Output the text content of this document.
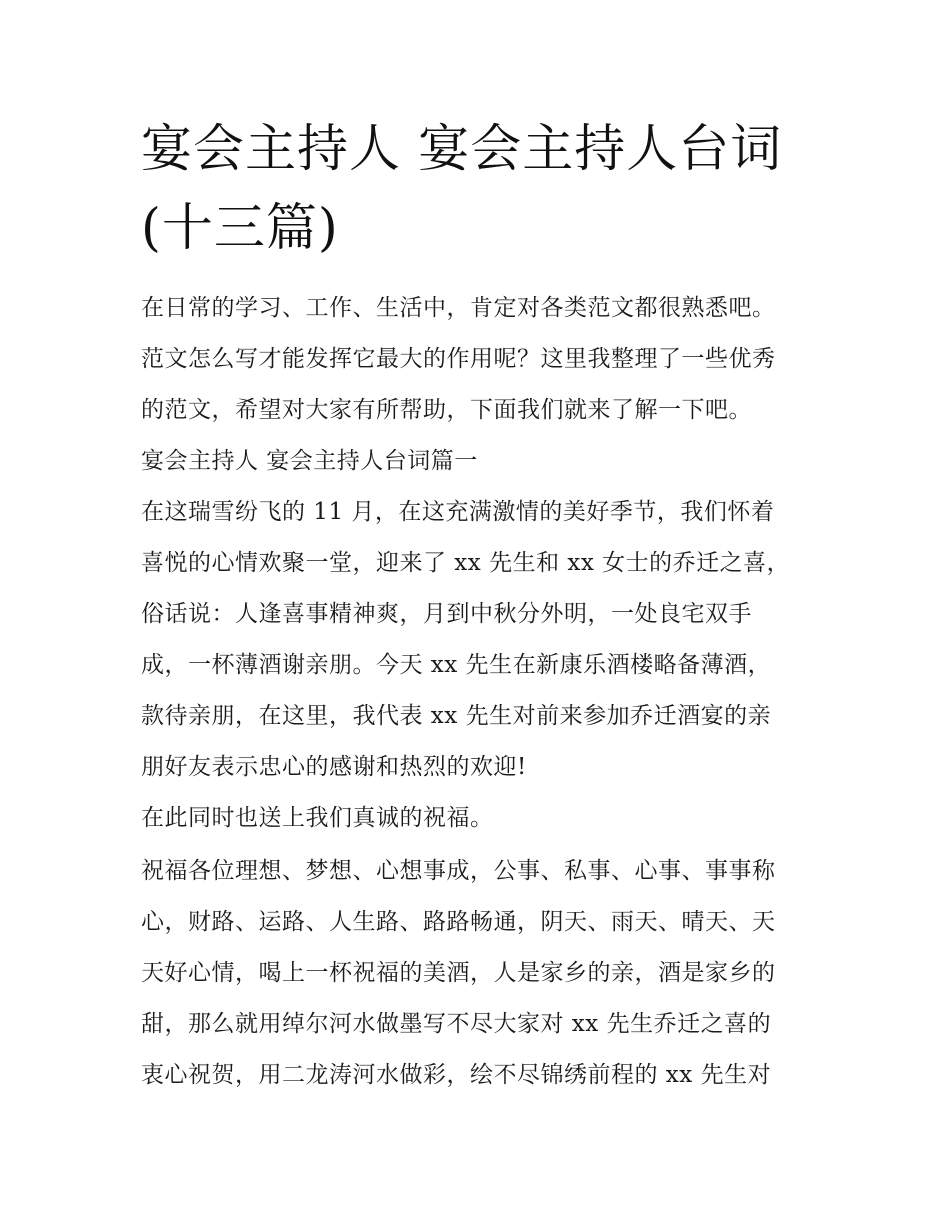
宴会主持人 宴会主持人台词
(十三篇)

在日常的学习、工作、生活中，肯定对各类范文都很熟悉吧。

范文怎么写才能发挥它最大的作用呢？这里我整理了一些优秀

的范文，希望对大家有所帮助，下面我们就来了解一下吧。

宴会主持人 宴会主持人台词篇一

在这瑞雪纷飞的 11 月，在这充满激情的美好季节，我们怀着

喜悦的心情欢聚一堂，迎来了 xx 先生和 xx 女士的乔迁之喜，

俗话说：人逢喜事精神爽，月到中秋分外明，一处良宅双手

成，一杯薄酒谢亲朋。今天 xx 先生在新康乐酒楼略备薄酒，

款待亲朋，在这里，我代表 xx 先生对前来参加乔迁酒宴的亲

朋好友表示忠心的感谢和热烈的欢迎!

在此同时也送上我们真诚的祝福。

祝福各位理想、梦想、心想事成，公事、私事、心事、事事称

心，财路、运路、人生路、路路畅通，阴天、雨天、晴天、天

天好心情，喝上一杯祝福的美酒，人是家乡的亲，酒是家乡的

甜，那么就用绰尔河水做墨写不尽大家对 xx 先生乔迁之喜的

衷心祝贺，用二龙涛河水做彩，绘不尽锦绣前程的 xx 先生对
